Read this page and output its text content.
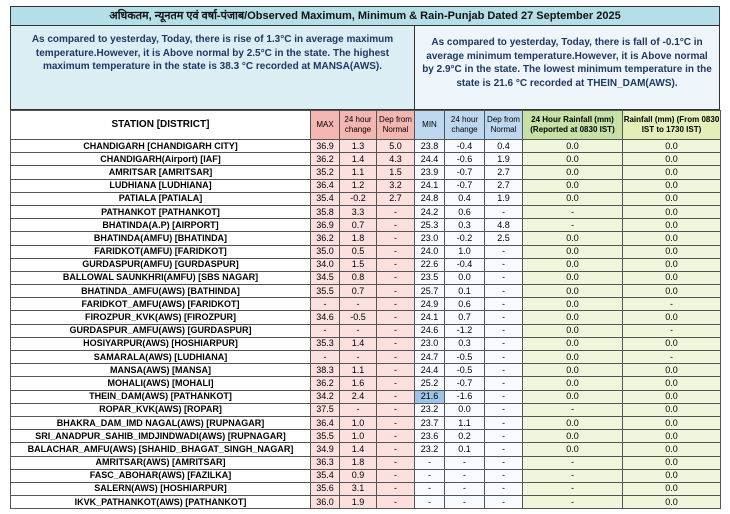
अधिकतम, न्यूनतम एवं वर्षा-पंजाब/Observed Maximum, Minimum & Rain-Punjab Dated 27 September 2025
As compared to yesterday, Today, there is rise of 1.3°C in average maximum temperature.However, it is Above normal by 2.5°C in the state. The highest maximum temperature in the state is 38.3 °C recorded at MANSA(AWS).
As compared to yesterday, Today, there is fall of -0.1°C in average minimum temperature.However, it is Above normal by 2.9°C in the state. The lowest minimum temperature in the state is 21.6 °C recorded at THEIN_DAM(AWS).
STATION [DISTRICT]	MAX	24 hour change	Dep from Normal	MIN	24 hour change	Dep from Normal	24 Hour Rainfall (mm) (Reported at 0830 IST)	Rainfall (mm) (From 0830 IST to 1730 IST)
CHANDIGARH [CHANDIGARH CITY]	36.9	1.3	5.0	23.8	-0.4	0.4	0.0	0.0
CHANDIGARH(Airport) [IAF]	36.2	1.4	4.3	24.4	-0.6	1.9	0.0	0.0
AMRITSAR [AMRITSAR]	35.2	1.1	1.5	23.9	-0.7	2.7	0.0	0.0
LUDHIANA [LUDHIANA]	36.4	1.2	3.2	24.1	-0.7	2.7	0.0	0.0
PATIALA [PATIALA]	35.4	-0.2	2.7	24.8	0.4	1.9	0.0	0.0
PATHANKOT [PATHANKOT]	35.8	3.3	-	24.2	0.6	-	-	0.0
BHATINDA(A.P) [AIRPORT]	36.9	0.7	-	25.3	0.3	4.8	-	0.0
BHATINDA(AMFU) [BHATINDA]	36.2	1.8	-	23.0	-0.2	2.5	0.0	0.0
FARIDKOT(AMFU) [FARIDKOT]	35.0	0.5	-	24.0	1.0	-	0.0	0.0
GURDASPUR(AMFU) [GURDASPUR]	34.0	1.5	-	22.6	-0.4	-	0.0	0.0
BALLOWAL SAUNKHRI(AMFU) [SBS NAGAR]	34.5	0.8	-	23.5	0.0	-	0.0	0.0
BHATINDA_AMFU(AWS) [BATHINDA]	35.5	0.7	-	25.7	0.1	-	0.0	0.0
FARIDKOT_AMFU(AWS) [FARIDKOT]	-	-	-	24.9	0.6	-	0.0	-
FIROZPUR_KVK(AWS) [FIROZPUR]	34.6	-0.5	-	24.1	0.7	-	0.0	0.0
GURDASPUR_AMFU(AWS) [GURDASPUR]	-	-	-	24.6	-1.2	-	0.0	-
HOSIYARPUR(AWS) [HOSHIARPUR]	35.3	1.4	-	23.0	0.3	-	0.0	0.0
SAMARALA(AWS) [LUDHIANA]	-	-	-	24.7	-0.5	-	0.0	-
MANSA(AWS) [MANSA]	38.3	1.1	-	24.4	-0.5	-	0.0	0.0
MOHALI(AWS) [MOHALI]	36.2	1.6	-	25.2	-0.7	-	0.0	0.0
THEIN_DAM(AWS) [PATHANKOT]	34.2	2.4	-	21.6	-1.6	-	0.0	0.0
ROPAR_KVK(AWS) [ROPAR]	37.5	-	-	23.2	0.0	-	-	0.0
BHAKRA_DAM_IMD NAGAL(AWS) [RUPNAGAR]	36.4	1.0	-	23.7	1.1	-	0.0	0.0
SRI_ANADPUR_SAHIB_IMDJINDWADI(AWS) [RUPNAGAR]	35.5	1.0	-	23.6	0.2	-	0.0	0.0
BALACHAR_AMFU(AWS) [SHAHID_BHAGAT_SINGH_NAGAR]	34.9	1.4	-	23.2	0.1	-	0.0	0.0
AMRITSAR(AWS) [AMRITSAR]	36.3	1.8	-	-	-	-	-	0.0
FASC_ABOHAR(AWS) [FAZILKA]	35.4	0.9	-	-	-	-	-	0.0
SALERN(AWS) [HOSHIARPUR]	35.6	3.1	-	-	-	-	-	0.0
IKVK_PATHANKOT(AWS) [PATHANKOT]	36.0	1.9	-	-	-	-	-	0.0
